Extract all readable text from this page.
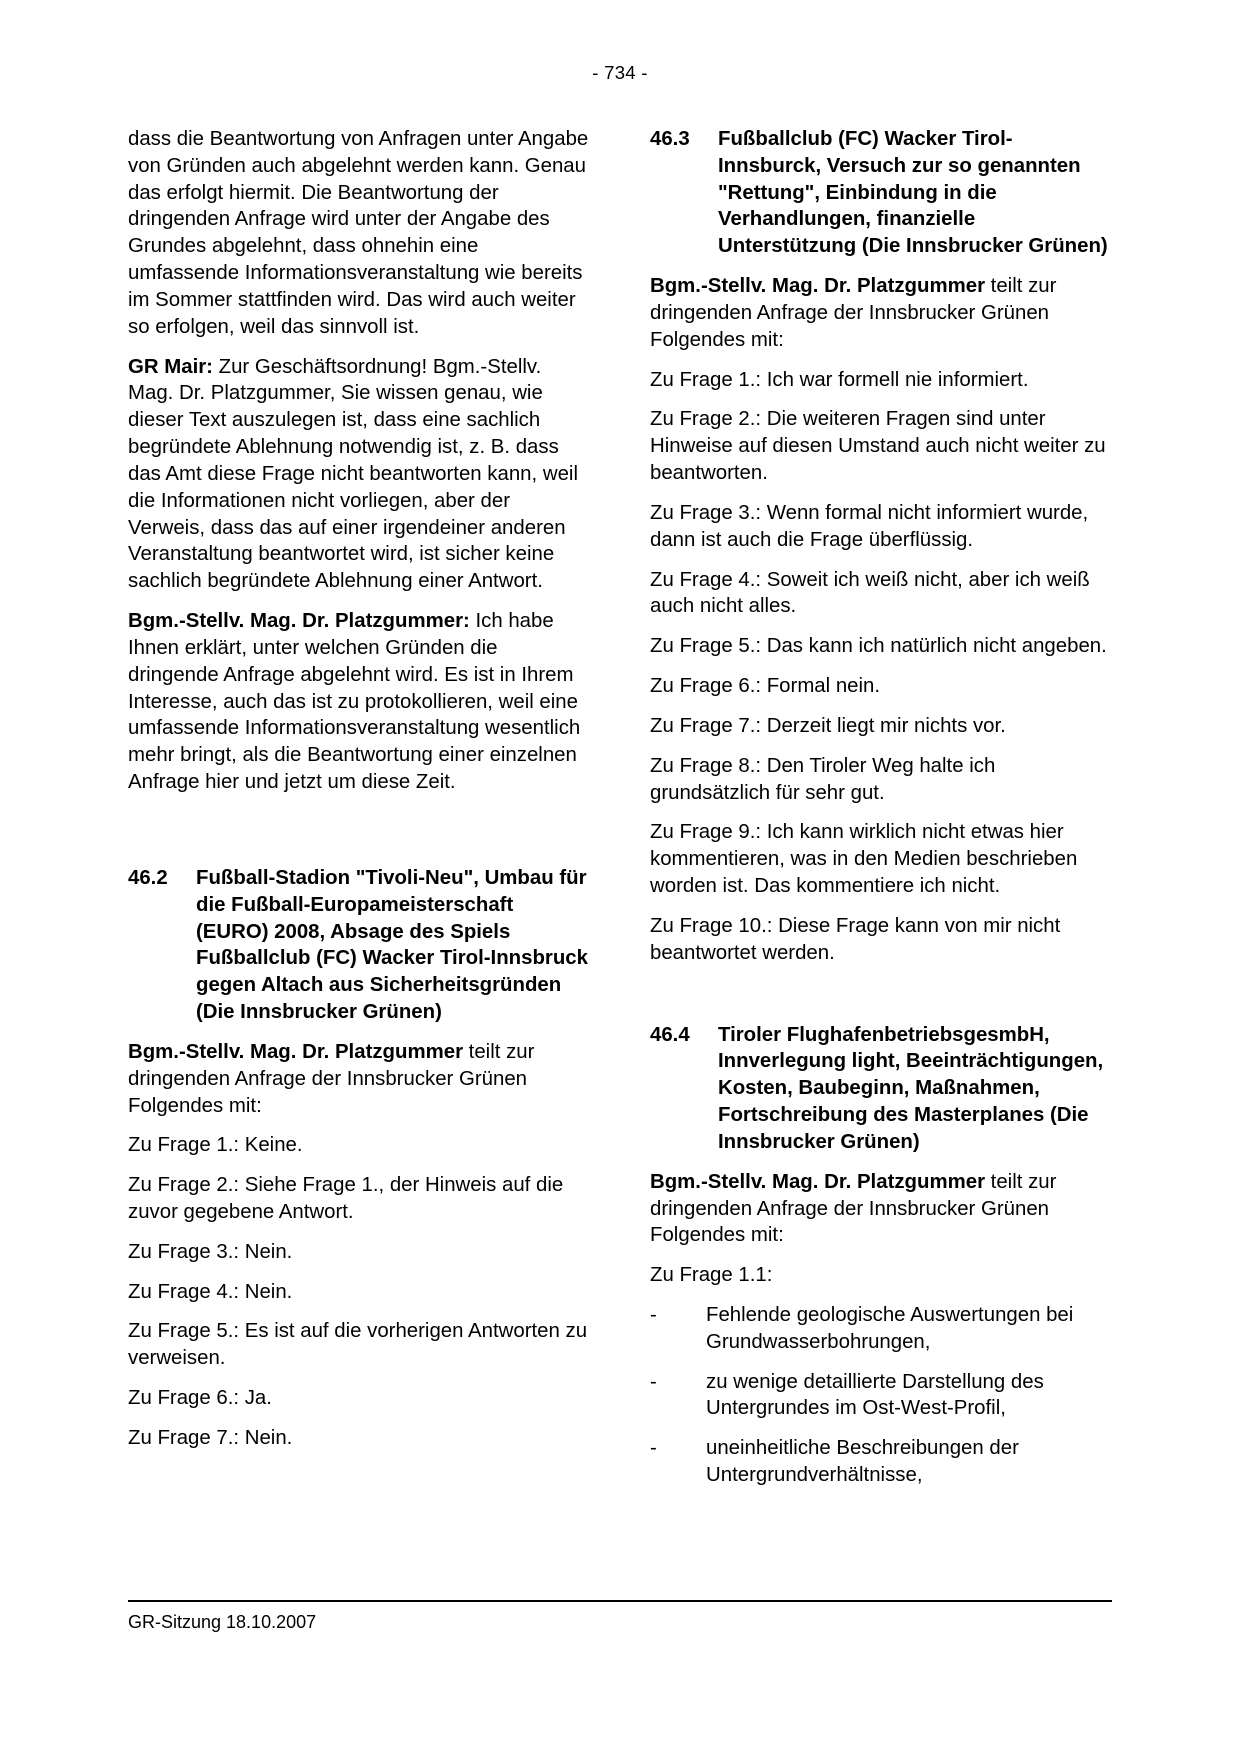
- 734 -

dass die Beantwortung von Anfragen unter Angabe von Gründen auch abgelehnt werden kann. Genau das erfolgt hiermit. Die Beantwortung der dringenden Anfrage wird unter der Angabe des Grundes abgelehnt, dass ohnehin eine umfassende Informationsveranstaltung wie bereits im Sommer stattfinden wird. Das wird auch weiter so erfolgen, weil das sinnvoll ist.

GR Mair: Zur Geschäftsordnung! Bgm.-Stellv. Mag. Dr. Platzgummer, Sie wissen genau, wie dieser Text auszulegen ist, dass eine sachlich begründete Ablehnung notwendig ist, z. B. dass das Amt diese Frage nicht beantworten kann, weil die Informationen nicht vorliegen, aber der Verweis, dass das auf einer irgendeiner anderen Veranstaltung beantwortet wird, ist sicher keine sachlich begründete Ablehnung einer Antwort.

Bgm.-Stellv. Mag. Dr. Platzgummer: Ich habe Ihnen erklärt, unter welchen Gründen die dringende Anfrage abgelehnt wird. Es ist in Ihrem Interesse, auch das ist zu protokollieren, weil eine umfassende Informationsveranstaltung wesentlich mehr bringt, als die Beantwortung einer einzelnen Anfrage hier und jetzt um diese Zeit.

46.2	Fußball-Stadion "Tivoli-Neu", Umbau für die Fußball-Europameisterschaft (EURO) 2008, Absage des Spiels Fußballclub (FC) Wacker Tirol-Innsbruck gegen Altach aus Sicherheitsgründen (Die Innsbrucker Grünen)

Bgm.-Stellv. Mag. Dr. Platzgummer teilt zur dringenden Anfrage der Innsbrucker Grünen Folgendes mit:

Zu Frage 1.: Keine.

Zu Frage 2.: Siehe Frage 1., der Hinweis auf die zuvor gegebene Antwort.

Zu Frage 3.: Nein.

Zu Frage 4.: Nein.

Zu Frage 5.: Es ist auf die vorherigen Antworten zu verweisen.

Zu Frage 6.: Ja.

Zu Frage 7.: Nein.

46.3	Fußballclub (FC) Wacker Tirol-Innsburck, Versuch zur so genannten "Rettung", Einbindung in die Verhandlungen, finanzielle Unterstützung (Die Innsbrucker Grünen)

Bgm.-Stellv. Mag. Dr. Platzgummer teilt zur dringenden Anfrage der Innsbrucker Grünen Folgendes mit:

Zu Frage 1.: Ich war formell nie informiert.

Zu Frage 2.: Die weiteren Fragen sind unter Hinweise auf diesen Umstand auch nicht weiter zu beantworten.

Zu Frage 3.: Wenn formal nicht informiert wurde, dann ist auch die Frage überflüssig.

Zu Frage 4.: Soweit ich weiß nicht, aber ich weiß auch nicht alles.

Zu Frage 5.: Das kann ich natürlich nicht angeben.

Zu Frage 6.: Formal nein.

Zu Frage 7.: Derzeit liegt mir nichts vor.

Zu Frage 8.: Den Tiroler Weg halte ich grundsätzlich für sehr gut.

Zu Frage 9.: Ich kann wirklich nicht etwas hier kommentieren, was in den Medien beschrieben worden ist. Das kommentiere ich nicht.

Zu Frage 10.: Diese Frage kann von mir nicht beantwortet werden.

46.4	Tiroler FlughafenbetriebsgesmbH, Innverlegung light, Beeinträchtigungen, Kosten, Baubeginn, Maßnahmen, Fortschreibung des Masterplanes (Die Innsbrucker Grünen)

Bgm.-Stellv. Mag. Dr. Platzgummer teilt zur dringenden Anfrage der Innsbrucker Grünen Folgendes mit:

Zu Frage 1.1:

-	Fehlende geologische Auswertungen bei Grundwasserbohrungen,
-	zu wenige detaillierte Darstellung des Untergrundes im Ost-West-Profil,
-	uneinheitliche Beschreibungen der Untergrundverhältnisse,
GR-Sitzung 18.10.2007
